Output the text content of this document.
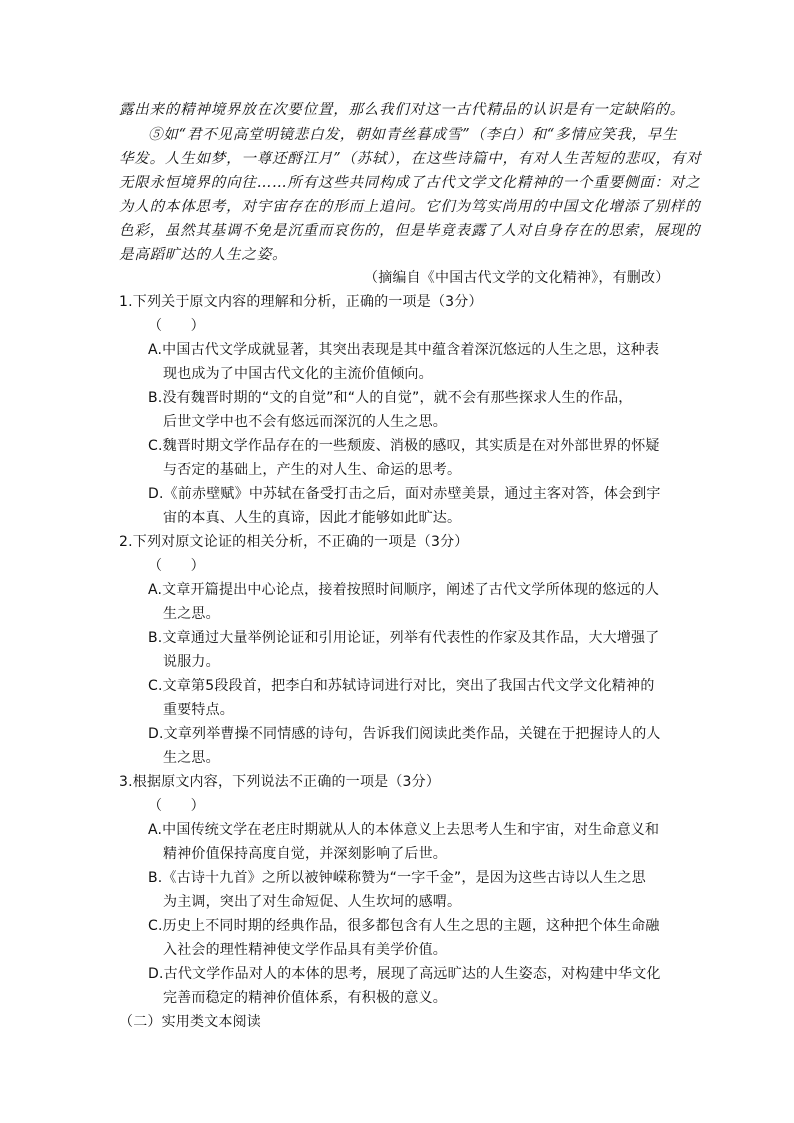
露出来的精神境界放在次要位置，那么我们对这一古代精品的认识是有一定缺陷的。
⑤如“君不见高堂明镜悲白发，朝如青丝暮成雪”（李白）和“多情应笑我，早生
华发。人生如梦，一尊还酹江月”（苏轼），在这些诗篇中，有对人生苦短的悲叹，有对
无限永恒境界的向往……所有这些共同构成了古代文学文化精神的一个重要侧面：对之
为人的本体思考，对宇宙存在的形而上追问。它们为笃实尚用的中国文化增添了别样的
色彩，虽然其基调不免是沉重而哀伤的，但是毕竟表露了人对自身存在的思索，展现的
是高蹈旷达的人生之姿。
（摘编自《中国古代文学的文化精神》，有删改）
1.下列关于原文内容的理解和分析，正确的一项是（3分）
（　　）
A.中国古代文学成就显著，其突出表现是其中蕴含着深沉悠远的人生之思，这种表
现也成为了中国古代文化的主流价值倾向。
B.没有魏晋时期的“文的自觉”和“人的自觉”，就不会有那些探求人生的作品，
后世文学中也不会有悠远而深沉的人生之思。
C.魏晋时期文学作品存在的一些颓废、消极的感叹，其实质是在对外部世界的怀疑
与否定的基础上，产生的对人生、命运的思考。
D.《前赤壁赋》中苏轼在备受打击之后，面对赤壁美景，通过主客对答，体会到宇
宙的本真、人生的真谛，因此才能够如此旷达。
2.下列对原文论证的相关分析，不正确的一项是（3分）
（　　）
A.文章开篇提出中心论点，接着按照时间顺序，阐述了古代文学所体现的悠远的人
生之思。
B.文章通过大量举例论证和引用论证，列举有代表性的作家及其作品，大大增强了
说服力。
C.文章第5段段首，把李白和苏轼诗词进行对比，突出了我国古代文学文化精神的
重要特点。
D.文章列举曹操不同情感的诗句，告诉我们阅读此类作品，关键在于把握诗人的人
生之思。
3.根据原文内容，下列说法不正确的一项是（3分）
（　　）
A.中国传统文学在老庄时期就从人的本体意义上去思考人生和宇宙，对生命意义和
精神价值保持高度自觉，并深刻影响了后世。
B.《古诗十九首》之所以被钟嵘称赞为“一字千金”，是因为这些古诗以人生之思
为主调，突出了对生命短促、人生坎坷的感喟。
C.历史上不同时期的经典作品，很多都包含有人生之思的主题，这种把个体生命融
入社会的理性精神使文学作品具有美学价值。
D.古代文学作品对人的本体的思考，展现了高远旷达的人生姿态，对构建中华文化
完善而稳定的精神价值体系，有积极的意义。
（二）实用类文本阅读
